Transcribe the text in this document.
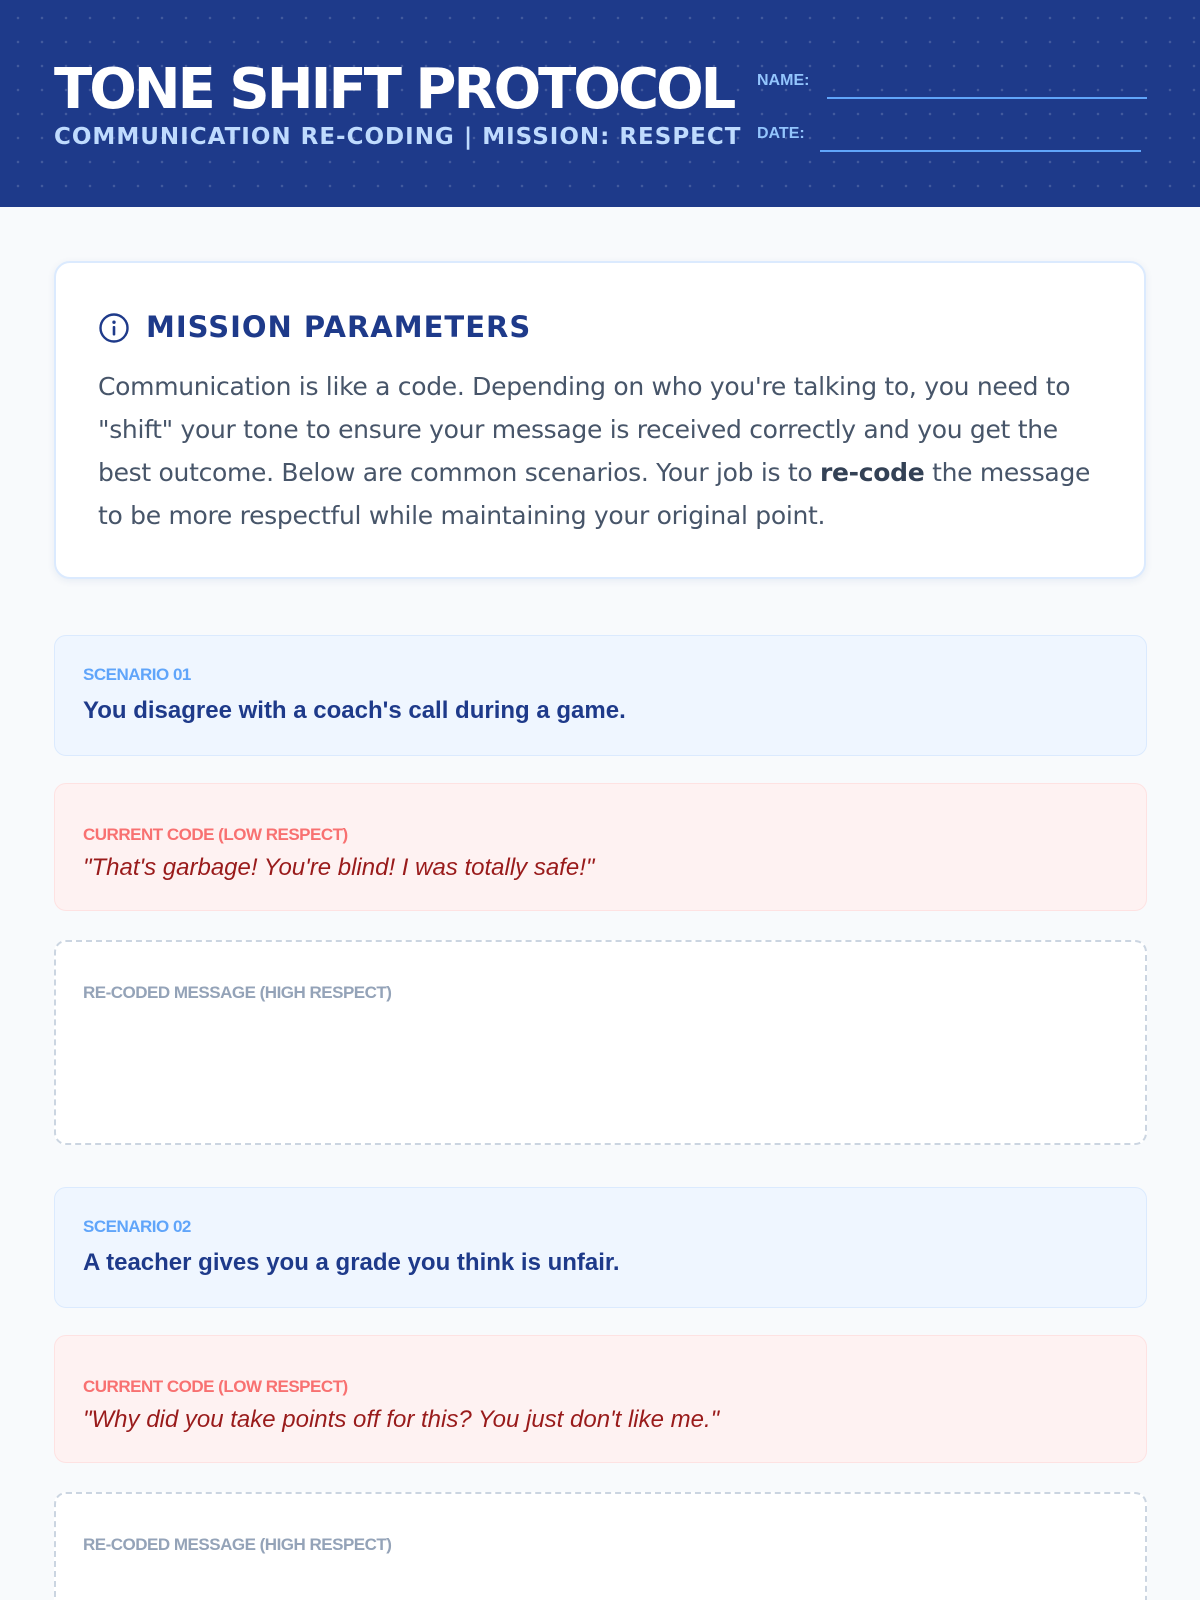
TONE SHIFT PROTOCOL
COMMUNICATION RE-CODING | MISSION: RESPECT
NAME:
DATE:
MISSION PARAMETERS

Communication is like a code. Depending on who you're talking to, you need to "shift" your tone to ensure your message is received correctly and you get the best outcome. Below are common scenarios. Your job is to re-code the message to be more respectful while maintaining your original point.

SCENARIO 01
You disagree with a coach's call during a game.
CURRENT CODE (LOW RESPECT)
"That's garbage! You're blind! I was totally safe!"
RE-CODED MESSAGE (HIGH RESPECT)
SCENARIO 02
A teacher gives you a grade you think is unfair.
CURRENT CODE (LOW RESPECT)
"Why did you take points off for this? You just don't like me."
RE-CODED MESSAGE (HIGH RESPECT)
